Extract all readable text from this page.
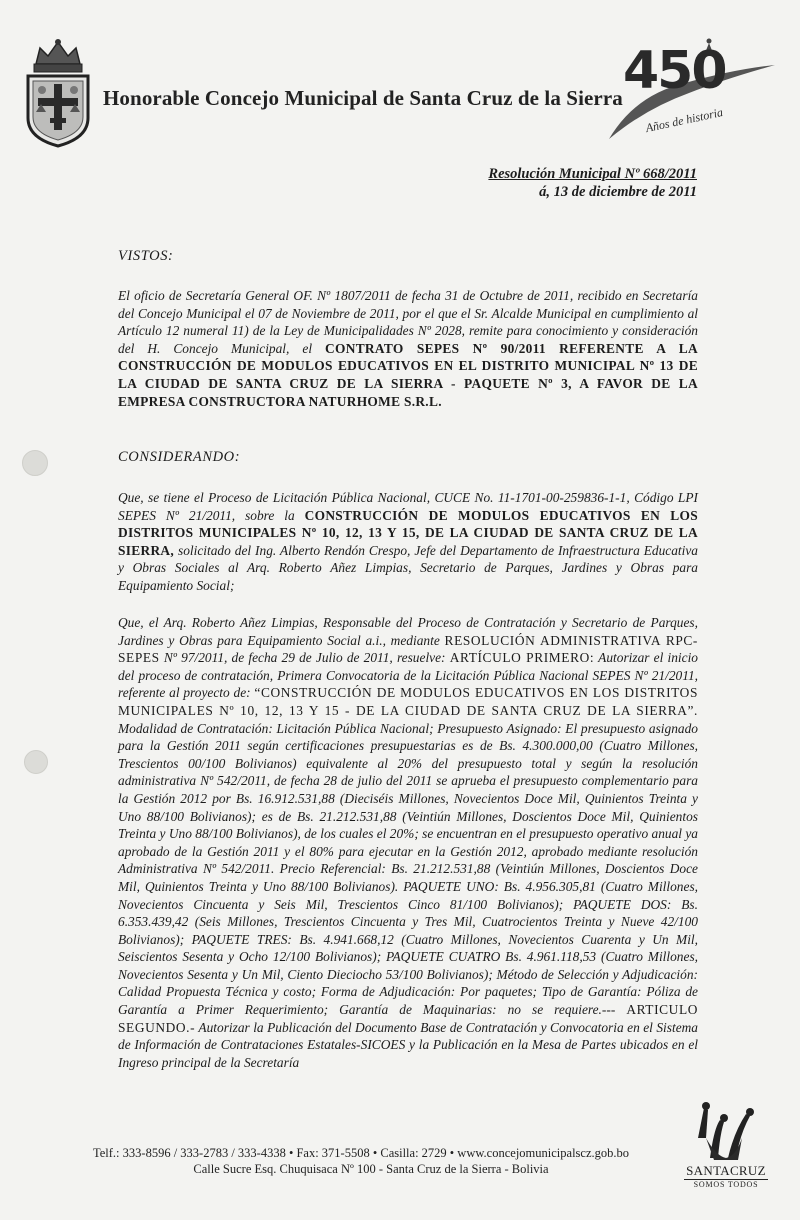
Honorable Concejo Municipal de Santa Cruz de la Sierra 450
Años de historia
Resolución Municipal Nº 668/2011
á, 13 de diciembre de 2011
VISTOS:
El oficio de Secretaría General OF. Nº 1807/2011 de fecha 31 de Octubre de 2011, recibido en Secretaría del Concejo Municipal el 07 de Noviembre de 2011, por el que el Sr. Alcalde Municipal en cumplimiento al Artículo 12 numeral 11) de la Ley de Municipalidades Nº 2028, remite para conocimiento y consideración del H. Concejo Municipal, el CONTRATO SEPES Nº 90/2011 REFERENTE A LA CONSTRUCCIÓN DE MODULOS EDUCATIVOS EN EL DISTRITO MUNICIPAL Nº 13 DE LA CIUDAD DE SANTA CRUZ DE LA SIERRA - PAQUETE Nº 3, A FAVOR DE LA EMPRESA CONSTRUCTORA NATURHOME S.R.L.
CONSIDERANDO:
Que, se tiene el Proceso de Licitación Pública Nacional, CUCE No. 11-1701-00-259836-1-1, Código LPI SEPES Nº 21/2011, sobre la CONSTRUCCIÓN DE MODULOS EDUCATIVOS EN LOS DISTRITOS MUNICIPALES Nº 10, 12, 13 Y 15, DE LA CIUDAD DE SANTA CRUZ DE LA SIERRA, solicitado del Ing. Alberto Rendón Crespo, Jefe del Departamento de Infraestructura Educativa y Obras Sociales al Arq. Roberto Añez Limpias, Secretario de Parques, Jardines y Obras para Equipamiento Social;
Que, el Arq. Roberto Añez Limpias, Responsable del Proceso de Contratación y Secretario de Parques, Jardines y Obras para Equipamiento Social a.i., mediante RESOLUCIÓN ADMINISTRATIVA RPC-SEPES Nº 97/2011, de fecha 29 de Julio de 2011, resuelve: ARTÍCULO PRIMERO: Autorizar el inicio del proceso de contratación, Primera Convocatoria de la Licitación Pública Nacional SEPES Nº 21/2011, referente al proyecto de: “CONSTRUCCIÓN DE MODULOS EDUCATIVOS EN LOS DISTRITOS MUNICIPALES Nº 10, 12, 13 Y 15 - DE LA CIUDAD DE SANTA CRUZ DE LA SIERRA”. Modalidad de Contratación: Licitación Pública Nacional; Presupuesto Asignado: El presupuesto asignado para la Gestión 2011 según certificaciones presupuestarias es de Bs. 4.300.000,00 (Cuatro Millones, Trescientos 00/100 Bolivianos) equivalente al 20% del presupuesto total y según la resolución administrativa Nº 542/2011, de fecha 28 de julio del 2011 se aprueba el presupuesto complementario para la Gestión 2012 por Bs. 16.912.531,88 (Dieciséis Millones, Novecientos Doce Mil, Quinientos Treinta y Uno 88/100 Bolivianos); es de Bs. 21.212.531,88 (Veintiún Millones, Doscientos Doce Mil, Quinientos Treinta y Uno 88/100 Bolivianos), de los cuales el 20%; se encuentran en el presupuesto operativo anual ya aprobado de la Gestión 2011 y el 80% para ejecutar en la Gestión 2012, aprobado mediante resolución Administrativa Nº 542/2011. Precio Referencial: Bs. 21.212.531,88 (Veintiún Millones, Doscientos Doce Mil, Quinientos Treinta y Uno 88/100 Bolivianos). PAQUETE UNO: Bs. 4.956.305,81 (Cuatro Millones, Novecientos Cincuenta y Seis Mil, Trescientos Cinco 81/100 Bolivianos); PAQUETE DOS: Bs. 6.353.439,42 (Seis Millones, Trescientos Cincuenta y Tres Mil, Cuatrocientos Treinta y Nueve 42/100 Bolivianos); PAQUETE TRES: Bs. 4.941.668,12 (Cuatro Millones, Novecientos Cuarenta y Un Mil, Seiscientos Sesenta y Ocho 12/100 Bolivianos); PAQUETE CUATRO Bs. 4.961.118,53 (Cuatro Millones, Novecientos Sesenta y Un Mil, Ciento Dieciocho 53/100 Bolivianos); Método de Selección y Adjudicación: Calidad Propuesta Técnica y costo; Forma de Adjudicación: Por paquetes; Tipo de Garantía: Póliza de Garantía a Primer Requerimiento; Garantía de Maquinarias: no se requiere.--- ARTICULO SEGUNDO.- Autorizar la Publicación del Documento Base de Contratación y Convocatoria en el Sistema de Información de Contrataciones Estatales-SICOES y la Publicación en la Mesa de Partes ubicados en el Ingreso principal de la Secretaría
Telf.: 333-8596 / 333-2783 / 333-4338 • Fax: 371-5508 • Casilla: 2729 • www.concejomunicipalscz.gob.bo
Calle Sucre Esq. Chuquisaca Nº 100 - Santa Cruz de la Sierra - Bolivia	SANTACRUZ
SOMOS TODOS
